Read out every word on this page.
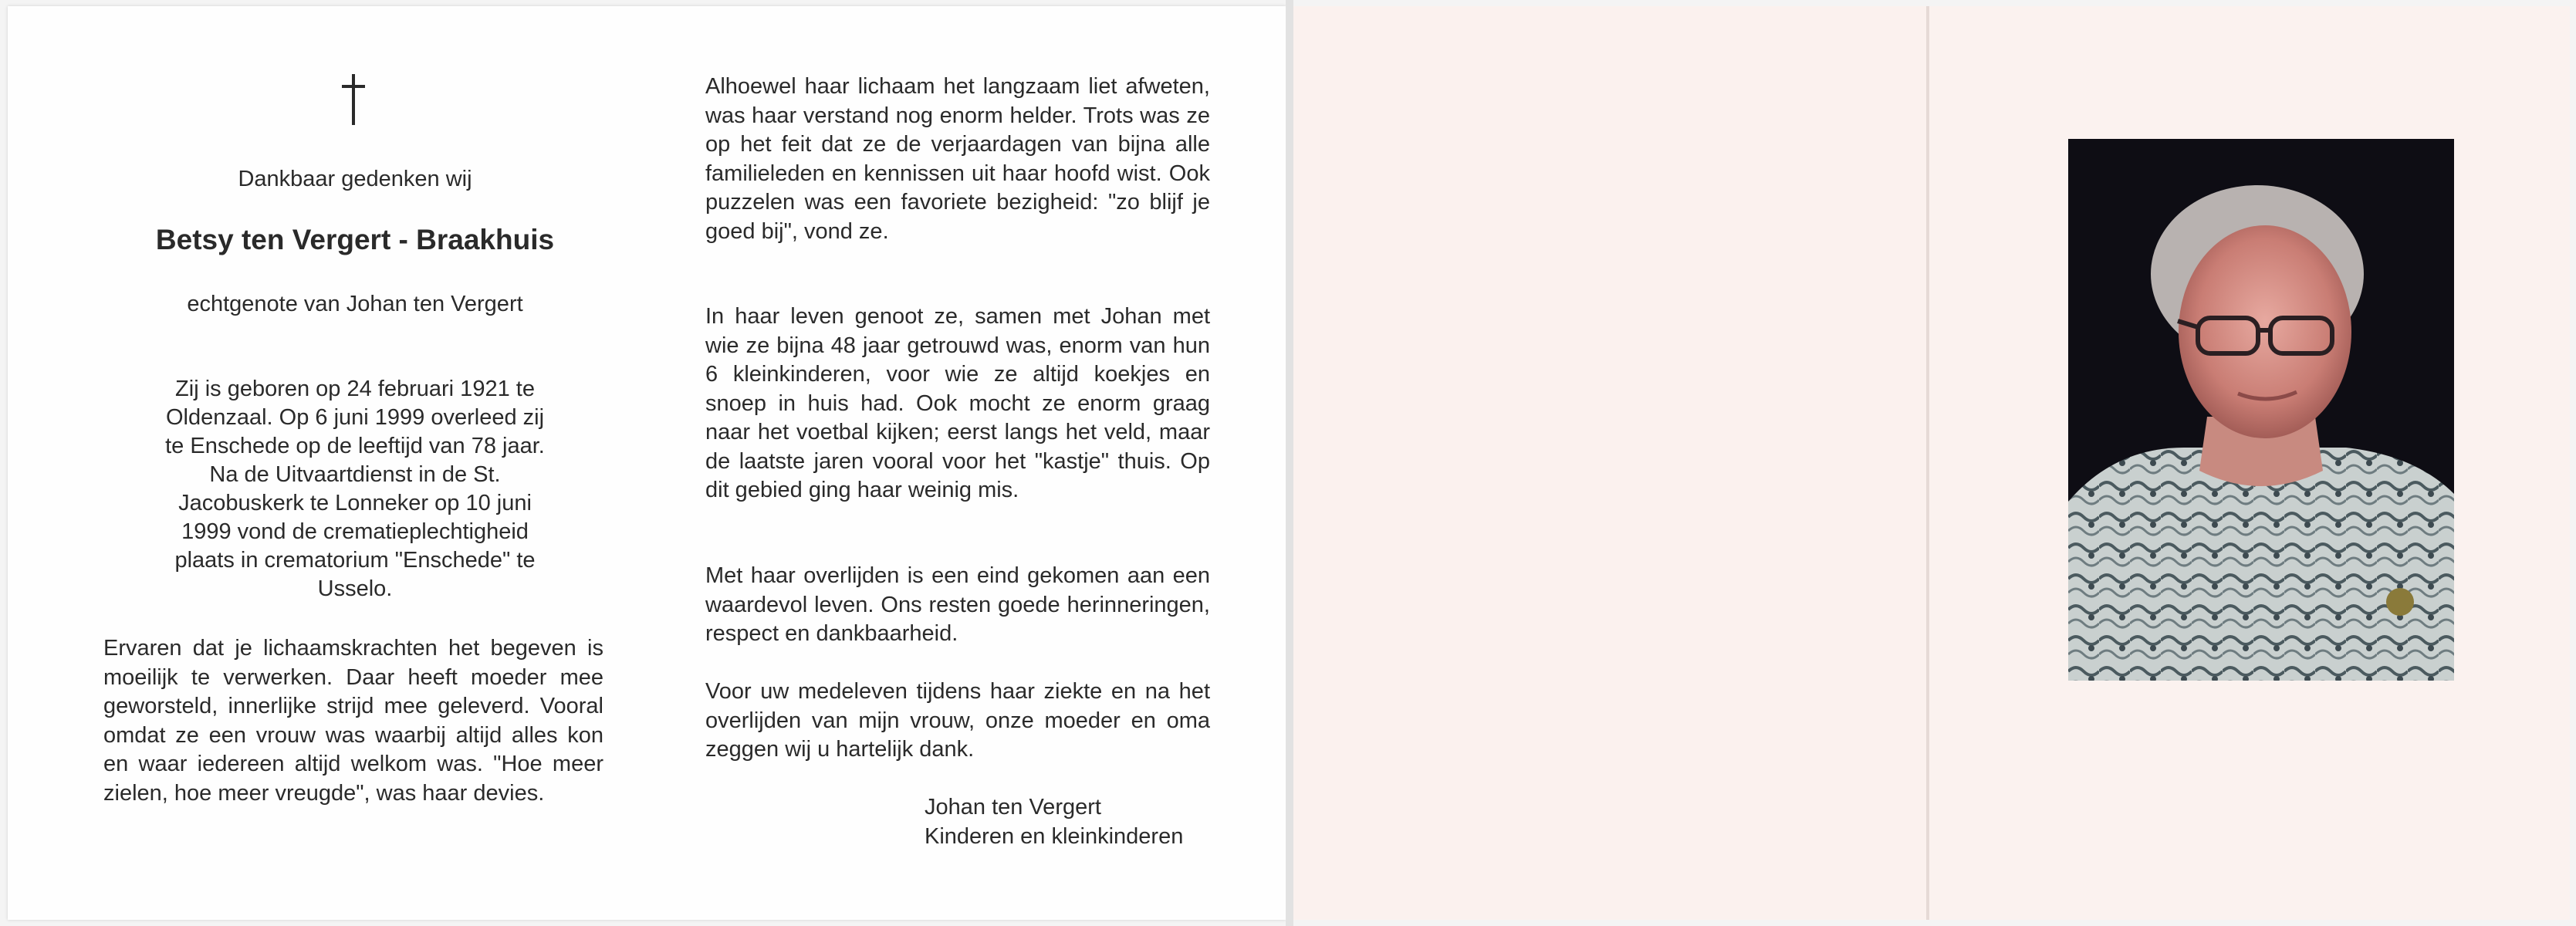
Dankbaar gedenken wij
Betsy ten Vergert - Braakhuis
echtgenote van Johan ten Vergert
Zij is geboren op 24 februari 1921 te Oldenzaal. Op 6 juni 1999 overleed zij te Enschede op de leeftijd van 78 jaar. Na de Uitvaartdienst in de St. Jacobuskerk te Lonneker op 10 juni 1999 vond de crematieplechtigheid plaats in crematorium "Enschede" te Usselo.
Ervaren dat je lichaamskrachten het begeven is moeilijk te verwerken. Daar heeft moeder mee geworsteld, innerlijke strijd mee geleverd. Vooral omdat ze een vrouw was waarbij altijd alles kon en waar iedereen altijd welkom was. "Hoe meer zielen, hoe meer vreugde", was haar devies.
Alhoewel haar lichaam het langzaam liet afweten, was haar verstand nog enorm helder. Trots was ze op het feit dat ze de verjaardagen van bijna alle familieleden en kennissen uit haar hoofd wist. Ook puzzelen was een favoriete bezigheid: "zo blijf je goed bij", vond ze.
In haar leven genoot ze, samen met Johan met wie ze bijna 48 jaar getrouwd was, enorm van hun 6 kleinkinderen, voor wie ze altijd koekjes en snoep in huis had. Ook mocht ze enorm graag naar het voetbal kijken; eerst langs het veld, maar de laatste jaren vooral voor het "kastje" thuis. Op dit gebied ging haar weinig mis.
Met haar overlijden is een eind gekomen aan een waardevol leven. Ons resten goede herinneringen, respect en dankbaarheid.
Voor uw medeleven tijdens haar ziekte en na het overlijden van mijn vrouw, onze moeder en oma zeggen wij u hartelijk dank.
Johan ten Vergert
Kinderen en kleinkinderen
